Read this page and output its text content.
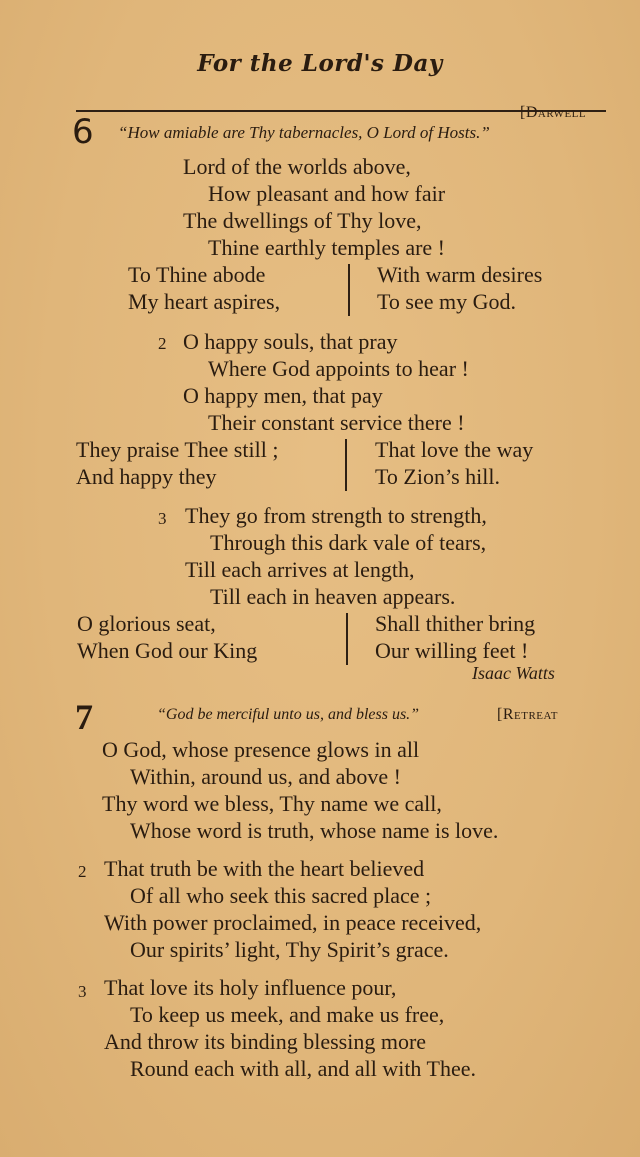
For the Lord's Day
[Darwell
6 “How amiable are Thy tabernacles, O Lord of Hosts.”
Lord of the worlds above,
How pleasant and how fair
The dwellings of Thy love,
Thine earthly temples are !
To Thine abode
My heart aspires,
With warm desires
To see my God.
2 O happy souls, that pray
Where God appoints to hear !
O happy men, that pay
Their constant service there !
They praise Thee still ;
And happy they
That love the way
To Zion’s hill.
3 They go from strength to strength,
Through this dark vale of tears,
Till each arrives at length,
Till each in heaven appears.
O glorious seat,
When God our King
Shall thither bring
Our willing feet !
Isaac Watts
7	“God be merciful unto us, and bless us.”	[Retreat
O God, whose presence glows in all
Within, around us, and above !
Thy word we bless, Thy name we call,
Whose word is truth, whose name is love.
2 That truth be with the heart believed
Of all who seek this sacred place ;
With power proclaimed, in peace received,
Our spirits’ light, Thy Spirit’s grace.
3 That love its holy influence pour,
To keep us meek, and make us free,
And throw its binding blessing more
Round each with all, and all with Thee.
